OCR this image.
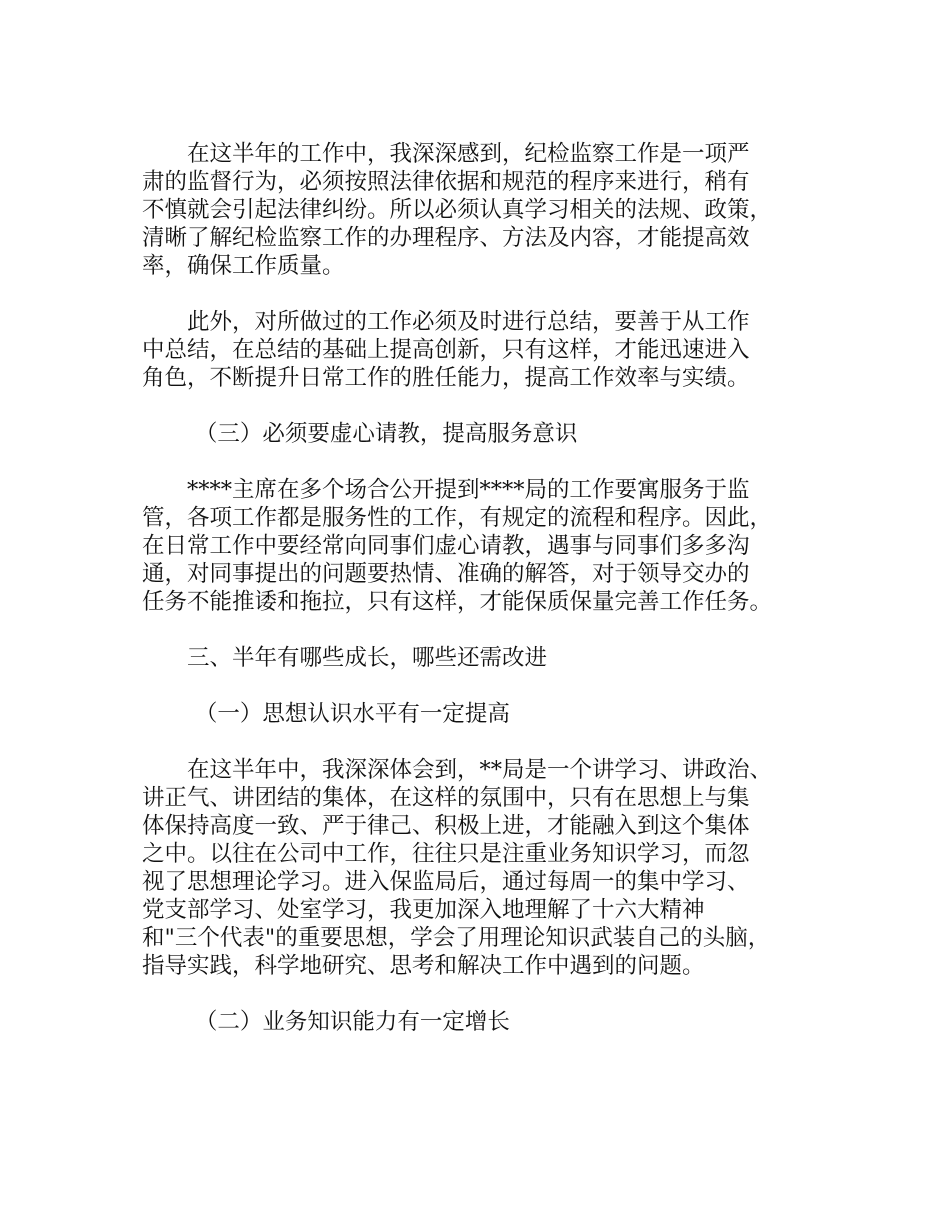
在这半年的工作中，我深深感到，纪检监察工作是一项严
肃的监督行为，必须按照法律依据和规范的程序来进行，稍有
不慎就会引起法律纠纷。所以必须认真学习相关的法规、政策，
清晰了解纪检监察工作的办理程序、方法及内容，才能提高效
率，确保工作质量。
此外，对所做过的工作必须及时进行总结，要善于从工作
中总结，在总结的基础上提高创新，只有这样，才能迅速进入
角色，不断提升日常工作的胜任能力，提高工作效率与实绩。
（三）必须要虚心请教，提高服务意识
****主席在多个场合公开提到****局的工作要寓服务于监
管，各项工作都是服务性的工作，有规定的流程和程序。因此，
在日常工作中要经常向同事们虚心请教，遇事与同事们多多沟
通，对同事提出的问题要热情、准确的解答，对于领导交办的
任务不能推诿和拖拉，只有这样，才能保质保量完善工作任务。
三、半年有哪些成长，哪些还需改进
（一）思想认识水平有一定提高
在这半年中，我深深体会到，**局是一个讲学习、讲政治、
讲正气、讲团结的集体，在这样的氛围中，只有在思想上与集
体保持高度一致、严于律己、积极上进，才能融入到这个集体
之中。以往在公司中工作，往往只是注重业务知识学习，而忽
视了思想理论学习。进入保监局后，通过每周一的集中学习、
党支部学习、处室学习，我更加深入地理解了十六大精神
和"三个代表"的重要思想，学会了用理论知识武装自己的头脑，
指导实践，科学地研究、思考和解决工作中遇到的问题。
（二）业务知识能力有一定增长
